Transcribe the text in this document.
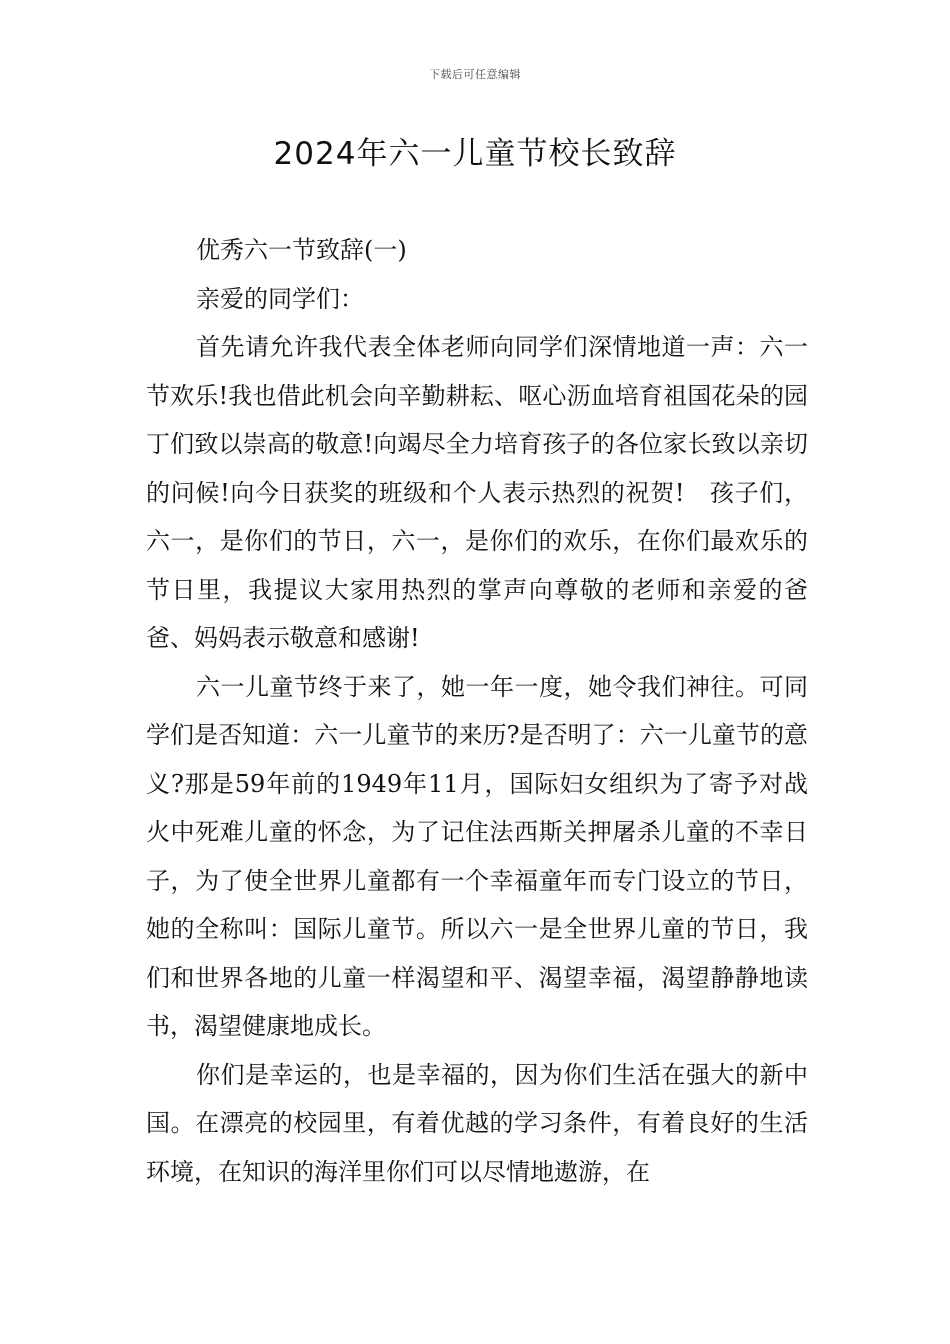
下载后可任意编辑
2024年六一儿童节校长致辞

优秀六一节致辞(一)

亲爱的同学们：

首先请允许我代表全体老师向同学们深情地道一声：六一节欢乐!我也借此机会向辛勤耕耘、呕心沥血培育祖国花朵的园丁们致以崇高的敬意!向竭尽全力培育孩子的各位家长致以亲切的问候!向今日获奖的班级和个人表示热烈的祝贺!　孩子们，六一，是你们的节日，六一，是你们的欢乐，在你们最欢乐的节日里，我提议大家用热烈的掌声向尊敬的老师和亲爱的爸爸、妈妈表示敬意和感谢!

六一儿童节终于来了，她一年一度，她令我们神往。可同学们是否知道：六一儿童节的来历?是否明了：六一儿童节的意义?那是59年前的1949年11月，国际妇女组织为了寄予对战火中死难儿童的怀念，为了记住法西斯关押屠杀儿童的不幸日子，为了使全世界儿童都有一个幸福童年而专门设立的节日，她的全称叫：国际儿童节。所以六一是全世界儿童的节日，我们和世界各地的儿童一样渴望和平、渴望幸福，渴望静静地读书，渴望健康地成长。

你们是幸运的，也是幸福的，因为你们生活在强大的新中国。在漂亮的校园里，有着优越的学习条件，有着良好的生活环境，在知识的海洋里你们可以尽情地遨游，在
